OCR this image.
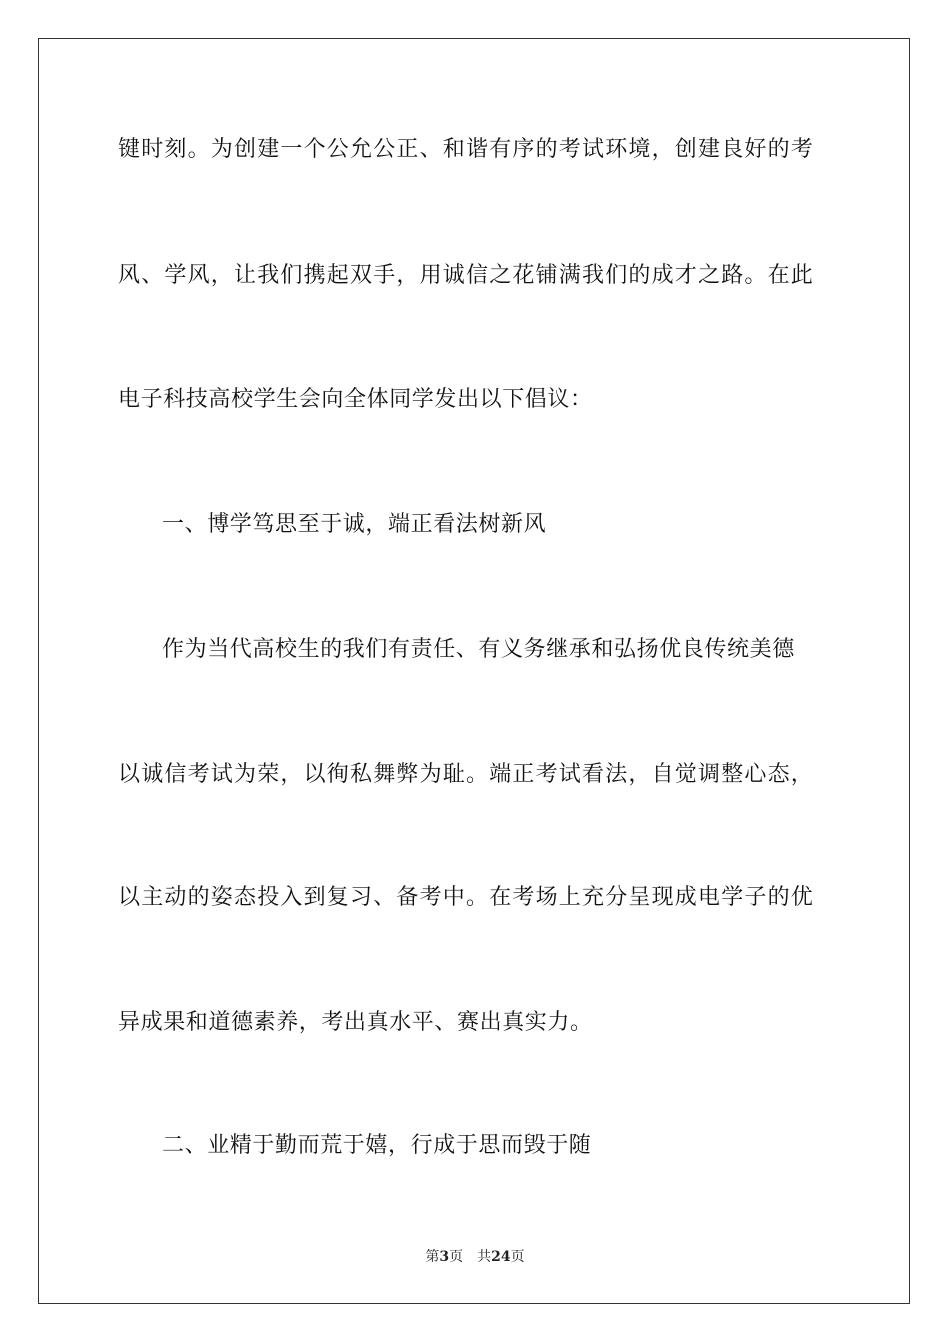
键时刻。为创建一个公允公正、和谐有序的考试环境，创建良好的考
风、学风，让我们携起双手，用诚信之花铺满我们的成才之路。在此
电子科技高校学生会向全体同学发出以下倡议：
一、博学笃思至于诚，端正看法树新风
作为当代高校生的我们有责任、有义务继承和弘扬优良传统美德
以诚信考试为荣，以徇私舞弊为耻。端正考试看法，自觉调整心态，
以主动的姿态投入到复习、备考中。在考场上充分呈现成电学子的优
异成果和道德素养，考出真水平、赛出真实力。
二、业精于勤而荒于嬉，行成于思而毁于随
第3页 共24页
